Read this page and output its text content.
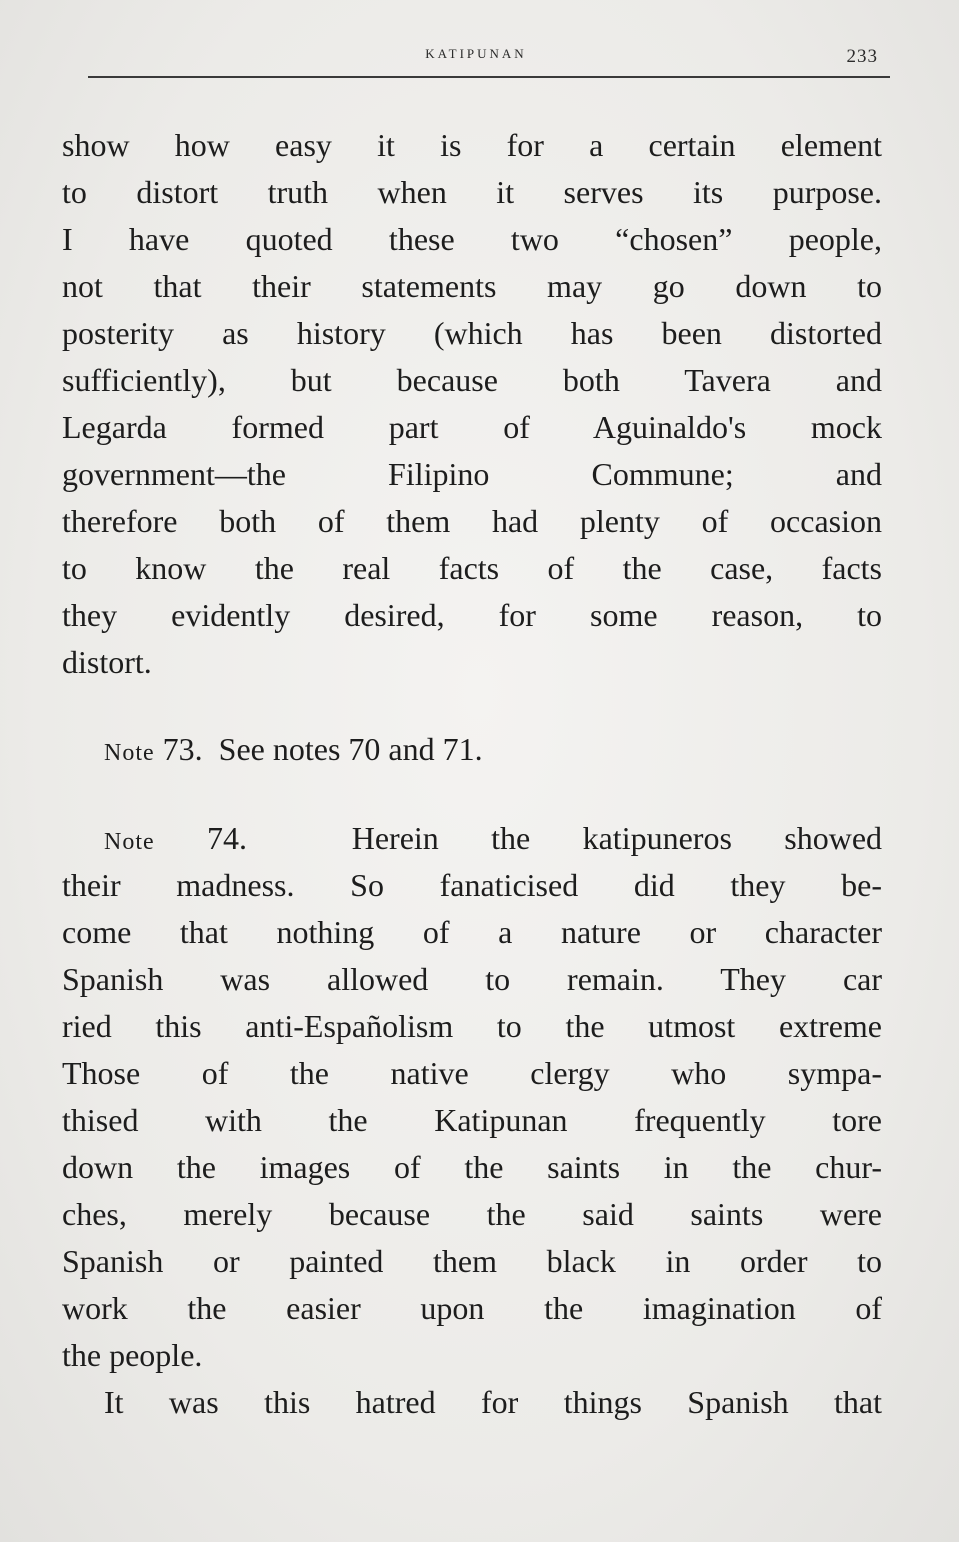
KATIPUNAN	233
show how easy it is for a certain element
to distort truth when it serves its purpose.
I have quoted these two “chosen” people,
not that their statements may go down to
posterity as history (which has been distorted
sufficiently), but because both Tavera and
Legarda formed part of Aguinaldo's mock
government—the Filipino Commune; and
therefore both of them had plenty of occasion
to know the real facts of the case, facts
they evidently desired, for some reason, to
distort.
Note 73. See notes 70 and 71.
Note 74.	Herein the katipuneros showed
their madness. So fanaticised did they be-
come that nothing of a nature or character
Spanish was allowed to remain. They car
ried this anti-Españolism to the utmost extreme
Those of the native clergy who sympa-
thised with the Katipunan frequently tore
down the images of the saints in the chur-
ches, merely because the said saints were
Spanish or painted them black in order to
work the easier upon the imagination of
the people.
It was this hatred for things Spanish that
